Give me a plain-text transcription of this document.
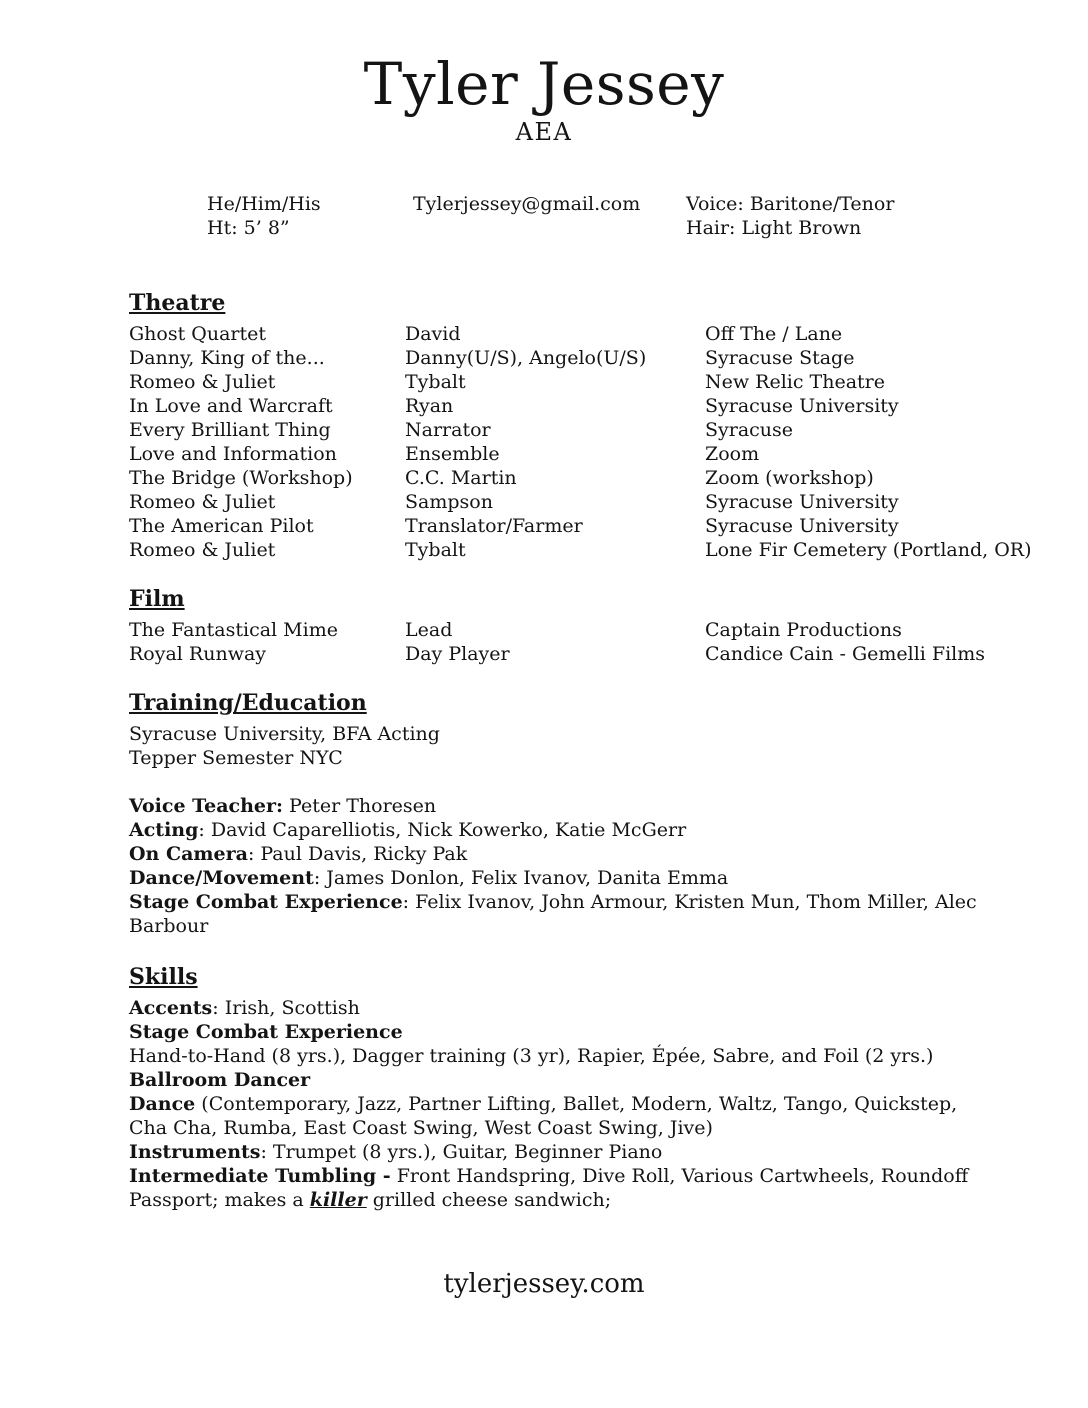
Tyler Jessey
AEA
He/Him/His
Ht: 5’ 8”
Tylerjessey@gmail.com	Voice: Baritone/Tenor
Hair: Light Brown
Theatre
Ghost Quartet	David	Off The / Lane
Danny, King of the...	Danny(U/S), Angelo(U/S)	Syracuse Stage
Romeo & Juliet	Tybalt	New Relic Theatre
In Love and Warcraft	Ryan	Syracuse University
Every Brilliant Thing	Narrator	Syracuse
Love and Information	Ensemble	Zoom
The Bridge (Workshop)	C.C. Martin	Zoom (workshop)
Romeo & Juliet	Sampson	Syracuse University
The American Pilot	Translator/Farmer	Syracuse University
Romeo & Juliet	Tybalt	Lone Fir Cemetery (Portland, OR)
Film
The Fantastical Mime	Lead	Captain Productions
Royal Runway	Day Player	Candice Cain - Gemelli Films
Training/Education
Syracuse University, BFA Acting
Tepper Semester NYC
Voice Teacher: Peter Thoresen
Acting: David Caparelliotis, Nick Kowerko, Katie McGerr
On Camera: Paul Davis, Ricky Pak
Dance/Movement: James Donlon, Felix Ivanov, Danita Emma
Stage Combat Experience: Felix Ivanov, John Armour, Kristen Mun, Thom Miller, Alec Barbour
Skills
Accents: Irish, Scottish
Stage Combat Experience
Hand-to-Hand (8 yrs.), Dagger training (3 yr), Rapier, Épée, Sabre, and Foil (2 yrs.)
Ballroom Dancer
Dance (Contemporary, Jazz, Partner Lifting, Ballet, Modern, Waltz, Tango, Quickstep,
Cha Cha, Rumba, East Coast Swing, West Coast Swing, Jive)
Instruments: Trumpet (8 yrs.), Guitar, Beginner Piano
Intermediate Tumbling - Front Handspring, Dive Roll, Various Cartwheels, Roundoff
Passport; makes a killer grilled cheese sandwich;
tylerjessey.com
